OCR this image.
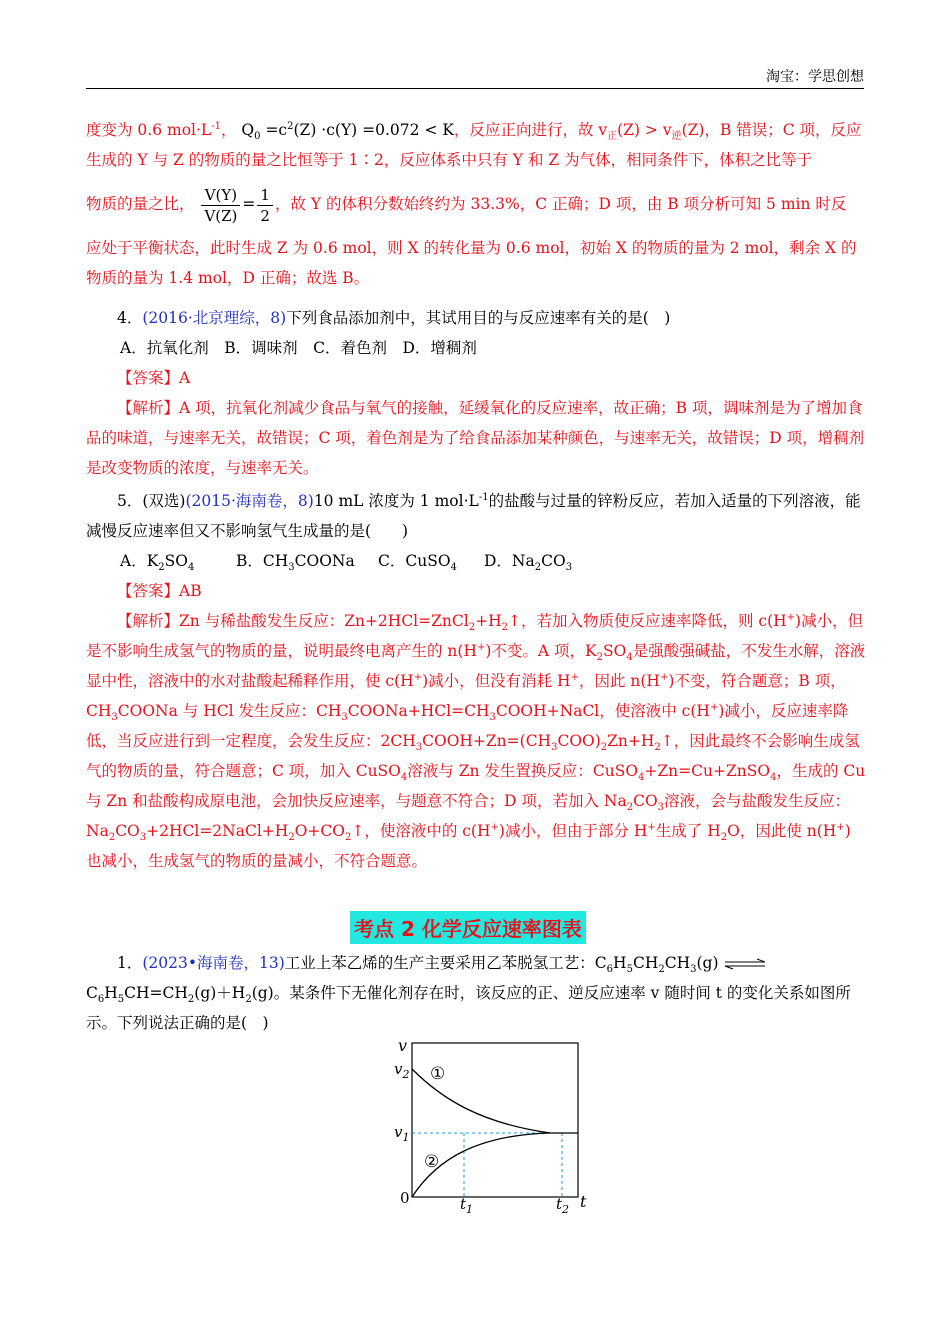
淘宝：学思创想
度变为 0.6 $mol\cdot L^{-1}$， $Q_0 =c^2(Z) \cdot c(Y) =0.072 < K$，反应正向进行，故 $v_正(Z) > v_逆(Z)$，B 错误；C 项，反应
生成的 Y 与 Z 的物质的量之比恒等于 1∶2，反应体系中只有 Y 和 Z 为气体，相同条件下，体积之比等于
物质的量之比， $\frac{V(Y)}{V(Z)} = \frac{1}{2}$ ，故 Y 的体积分数始终约为 33.3%，C 正确；D 项，由 B 项分析可知 5 min 时反
应处于平衡状态，此时生成 Z 为 0.6 mol，则 X 的转化量为 0.6 mol，初始 X 的物质的量为 2 mol，剩余 X 的
物质的量为 1.4 mol，D 正确；故选 B。
4．(2016·北京理综，8)下列食品添加剂中，其试用目的与反应速率有关的是(　)
A．抗氧化剂　B．调味剂　C．着色剂　D．增稠剂
【答案】A
【解析】A 项，抗氧化剂减少食品与氧气的接触，延缓氧化的反应速率，故正确；B 项，调味剂是为了增加食品的味道，与速率无关，故错误；C 项，着色剂是为了给食品添加某种颜色，与速率无关，故错误；D 项，增稠剂是改变物质的浓度，与速率无关。
5．(双选)(2015·海南卷，8)10 mL 浓度为 1 $mol\cdot L^{-1}$的盐酸与过量的锌粉反应，若加入适量的下列溶液，能减慢反应速率但又不影响氢气生成量的是(　　)
A．$K_2SO_4$	B．$CH_3COONa$ C．CuSO$_4$ D．$Na_2CO_3$
【答案】AB
【解析】Zn 与稀盐酸发生反应：$Zn+2HCl=ZnCl_2+H_2↑$，若加入物质使反应速率降低，则 c(H+)减小，但是不影响生成氢气的物质的量，说明最终电离产生的 n(H+)不变。A 项，$K_2SO_4$是强酸强碱盐，不发生水解，溶液显中性，溶液中的水对盐酸起稀释作用，使 c(H+)减小，但没有消耗 H+，因此 n(H+)不变，符合题意；B 项，$CH_3COONa$ 与 HCl 发生反应：$CH_3COONa+HCl=CH_3COOH+NaCl$，使溶液中 c(H+)减小，反应速率降低，当反应进行到一定程度，会发生反应：$2CH_3COOH+Zn=(CH_3COO)_2Zn+H_2↑$，因此最终不会影响生成氢气的物质的量，符合题意；C 项，加入 CuSO$_4$溶液与 Zn 发生置换反应：CuSO$_4$+Zn=Cu+ZnSO$_4$，生成的 Cu 与 Zn 和盐酸构成原电池，会加快反应速率，与题意不符合；D 项，若加入 $Na_2CO_3$溶液，会与盐酸发生反应：$Na_2CO_3+2HCl=2NaCl+H_2O+CO_2↑$，使溶液中的 c(H+)减小，但由于部分 H+生成了 $H_2O$，因此使 n(H+)也减小，生成氢气的物质的量减小，不符合题意。
考点 2 化学反应速率图表
1．(2023•海南卷，13)工业上苯乙烯的生产主要采用乙苯脱氢工艺：$C_6H_5CH_2CH_3(g)$ ⇌ $C_6H_5CH=CH_2(g)+H_2(g)$。某条件下无催化剂存在时，该反应的正、逆反应速率 v 随时间 t 的变化关系如图所示。下列说法正确的是(　)
v
$v_2$
$v_1$
0	$t_1$	$t_2$ t
①
②
